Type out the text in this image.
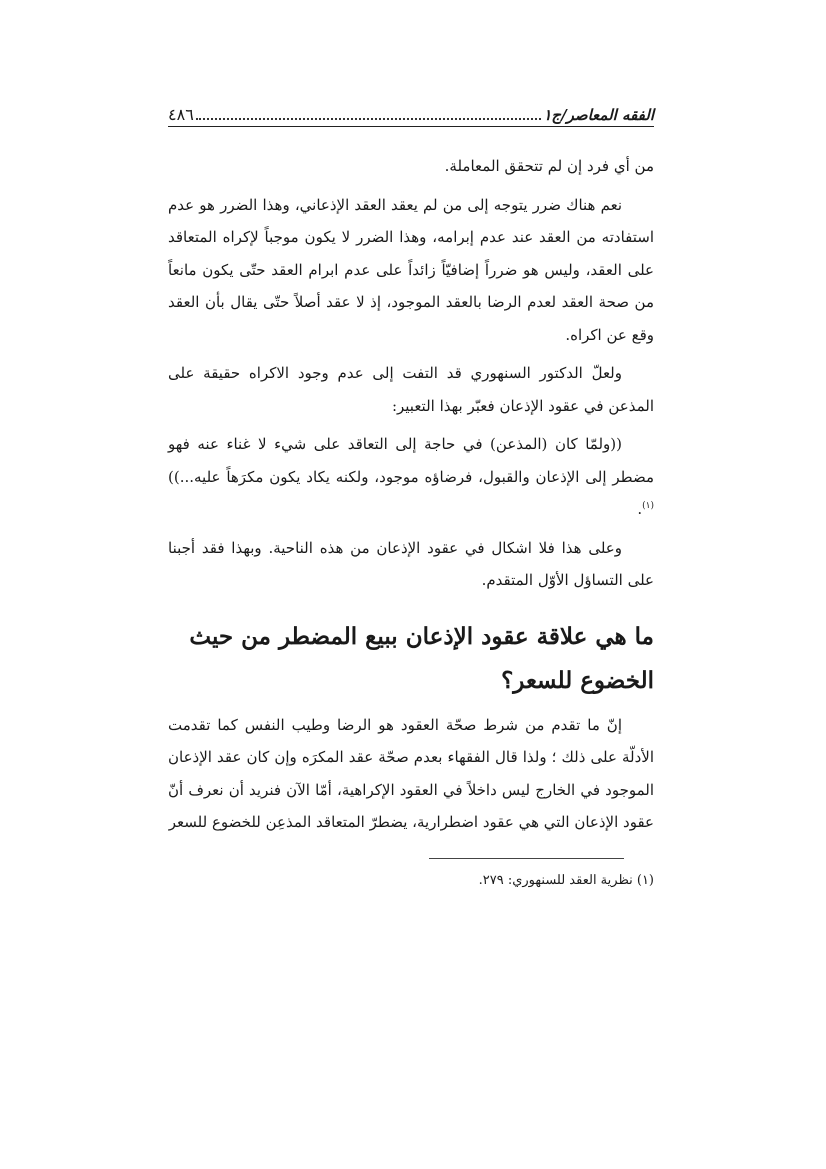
الفقه المعاصر/ج١
٤٨٦

من أي فرد إن لم تتحقق المعاملة.

نعم هناك ضرر يتوجه إلى من لم يعقد العقد الإذعاني، وهذا الضرر هو عدم استفادته من العقد عند عدم إبرامه، وهذا الضرر لا يكون موجباً لإكراه المتعاقد على العقد، وليس هو ضرراً إضافيّاً زائداً على عدم ابرام العقد حتّى يكون مانعاً من صحة العقد لعدم الرضا بالعقد الموجود، إذ لا عقد أصلاً حتّى يقال بأن العقد وقع عن اكراه.

ولعلّ الدكتور السنهوري قد التفت إلى عدم وجود الاكراه حقيقة على المذعن في عقود الإذعان فعبّر بهذا التعبير:

((ولمّا كان (المذعن) في حاجة إلى التعاقد على شيء لا غناء عنه فهو مضطر إلى الإذعان والقبول، فرضاؤه موجود، ولكنه يكاد يكون مكرَهاً عليه...))$^{(١)}$.

وعلى هذا فلا اشكال في عقود الإذعان من هذه الناحية. وبهذا فقد أجبنا على التساؤل الأوّل المتقدم.

ما هي علاقة عقود الإذعان ببيع المضطر من حيث الخضوع للسعر؟

إنّ ما تقدم من شرط صحّة العقود هو الرضا وطيب النفس كما تقدمت الأدلّة على ذلك ؛ ولذا قال الفقهاء بعدم صحّة عقد المكرَه وإن كان عقد الإذعان الموجود في الخارج ليس داخلاً في العقود الإكراهية، أمّا الآن فنريد أن نعرف أنّ عقود الإذعان التي هي عقود اضطرارية، يضطرّ المتعاقد المذعِن للخضوع للسعر

(١) نظرية العقد للسنهوري: ٢٧٩.
